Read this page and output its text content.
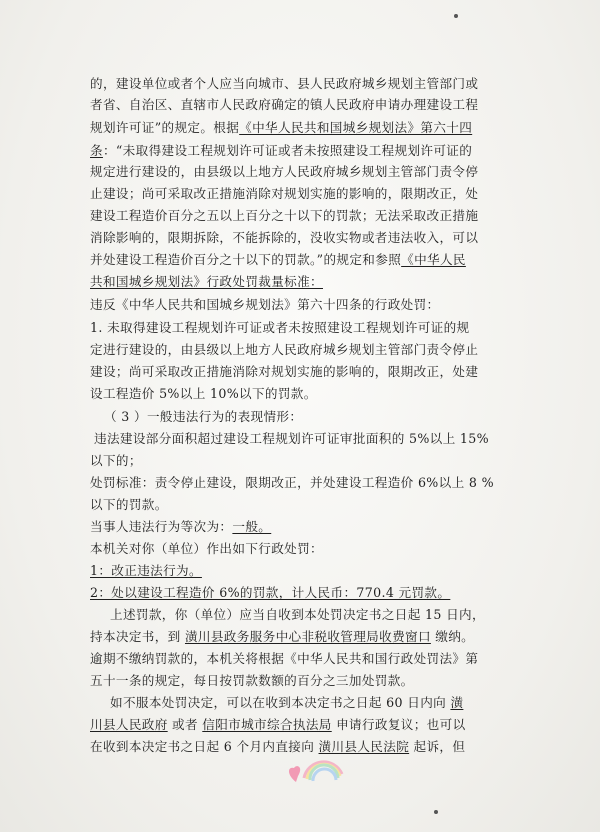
的，建设单位或者个人应当向城市、县人民政府城乡规划主管部门或
者省、自治区、直辖市人民政府确定的镇人民政府申请办理建设工程
规划许可证”的规定。根据《中华人民共和国城乡规划法》第六十四
条：“未取得建设工程规划许可证或者未按照建设工程规划许可证的
规定进行建设的，由县级以上地方人民政府城乡规划主管部门责令停
止建设；尚可采取改正措施消除对规划实施的影响的，限期改正，处
建设工程造价百分之五以上百分之十以下的罚款；无法采取改正措施
消除影响的，限期拆除，不能拆除的，没收实物或者违法收入，可以
并处建设工程造价百分之十以下的罚款。”的规定和参照《中华人民
共和国城乡规划法》行政处罚裁量标准：
违反《中华人民共和国城乡规划法》第六十四条的行政处罚：
1. 未取得建设工程规划许可证或者未按照建设工程规划许可证的规
定进行建设的，由县级以上地方人民政府城乡规划主管部门责令停止
建设；尚可采取改正措施消除对规划实施的影响的，限期改正，处建
设工程造价 5%以上 10%以下的罚款。
（ 3 ）一般违法行为的表现情形：
违法建设部分面积超过建设工程规划许可证审批面积的 5%以上 15%
以下的；
处罚标准：责令停止建设，限期改正，并处建设工程造价 6%以上 8 %
以下的罚款。
当事人违法行为等次为：一般。
本机关对你（单位）作出如下行政处罚：
1：改正违法行为。
2：处以建设工程造价 6%的罚款，计人民币：770.4 元罚款。
上述罚款，你（单位）应当自收到本处罚决定书之日起 15 日内，
持本决定书，到 潢川县政务服务中心非税收管理局收费窗口 缴纳。
逾期不缴纳罚款的，本机关将根据《中华人民共和国行政处罚法》第
五十一条的规定，每日按罚款数额的百分之三加处罚款。
如不服本处罚决定，可以在收到本决定书之日起 60 日内向 潢
川县人民政府 或者 信阳市城市综合执法局 申请行政复议；也可以
在收到本决定书之日起 6 个月内直接向 潢川县人民法院 起诉，但
